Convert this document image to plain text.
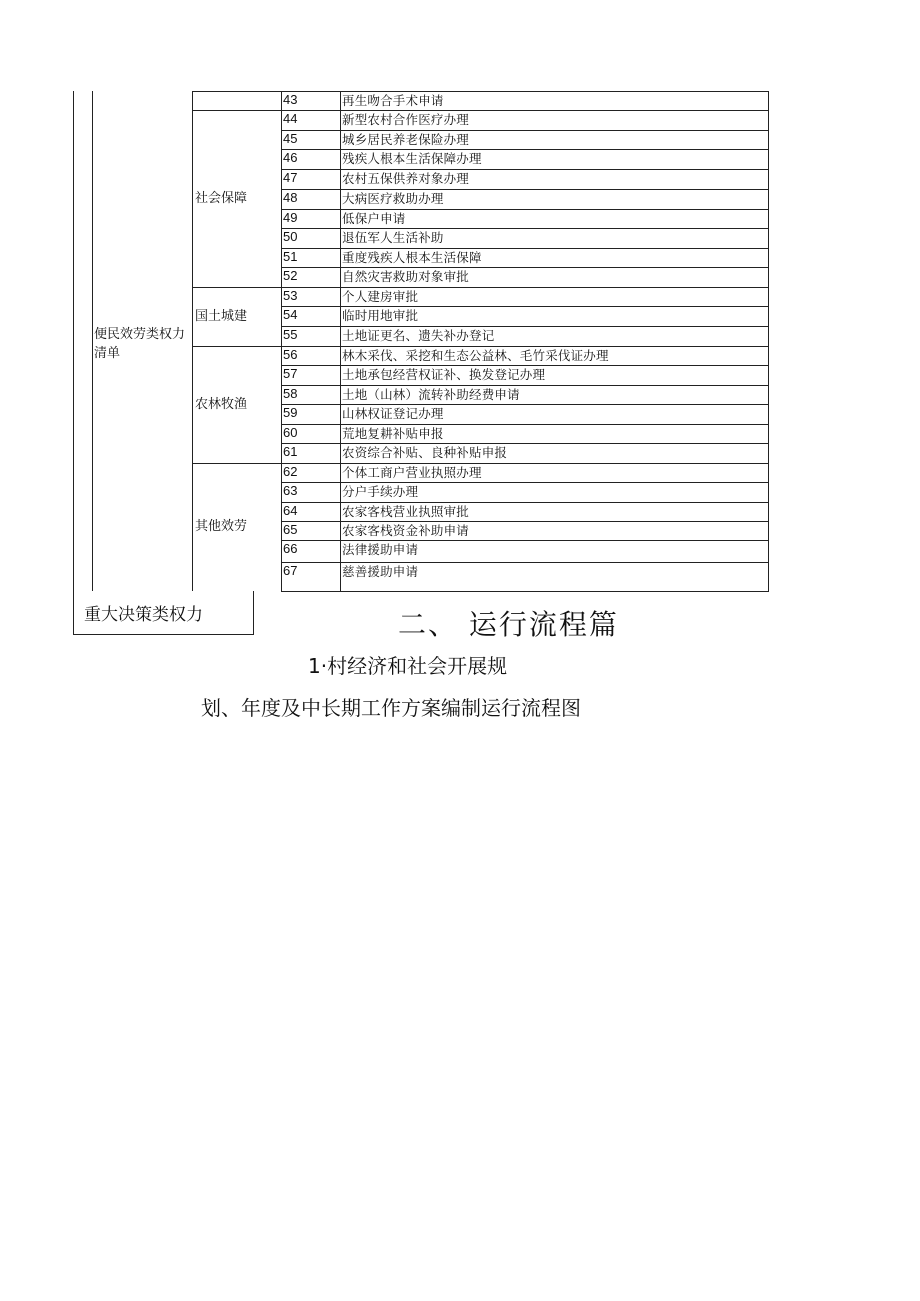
43	再生吻合手术申请
44	新型农村合作医疗办理
45	城乡居民养老保险办理
46	残疾人根本生活保障办理
47	农村五保供养对象办理
48	大病医疗救助办理
49	低保户申请
50	退伍军人生活补助
51	重度残疾人根本生活保障
52	自然灾害救助对象审批
社会保障
53	个人建房审批
54	临时用地审批
55	土地证更名、遗失补办登记
国土城建
56	林木采伐、采挖和生态公益林、毛竹采伐证办理
57	土地承包经营权证补、换发登记办理
58	土地（山林）流转补助经费申请
59	山林权证登记办理
60	荒地复耕补贴申报
61	农资综合补贴、良种补贴申报
农林牧渔
62	个体工商户营业执照办理
63	分户手续办理
64	农家客栈营业执照审批
65	农家客栈资金补助申请
66	法律援助申请
67	慈善援助申请
其他效劳
便民效劳类权力清单
重大决策类权力	二、 运行流程篇
1·村经济和社会开展规
划、年度及中长期工作方案编制运行流程图
